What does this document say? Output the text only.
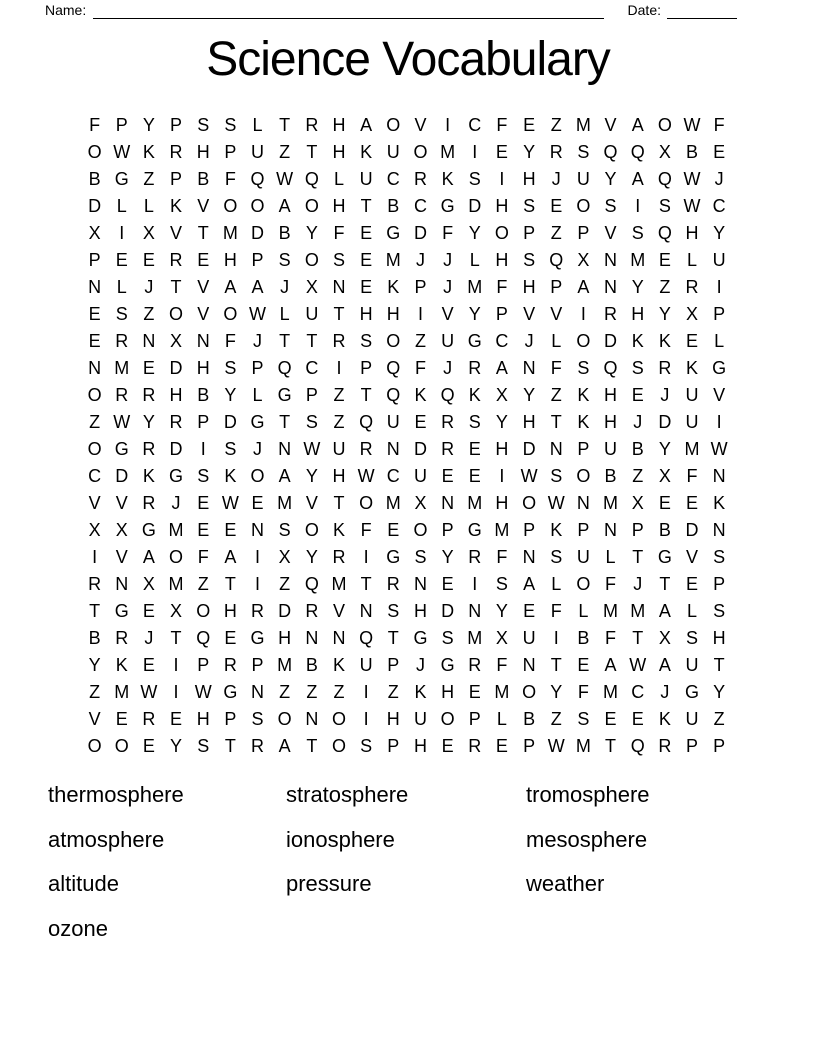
Name:	Date:
Science Vocabulary
F P Y P S S L T R H A O V	I	C F E Z M V A O W F
O W K R H P U Z T H K U O M I	E Y R S Q Q X B E
B G Z P B F Q W Q L U C R K S	I	H J U Y A Q W J
D L L K V O O A O H T B C G D H S E O S	I	S W C
X	I	X V T M D B Y F E G D F Y O P Z P V S Q H Y
P E E R E H P S O S E M J	J L H S Q X N M E L U
N L J T V A A J X N E K P J M F H P A N Y Z R	I
E S Z O V O W L U T H H	I	V Y P V V	I	R H Y X P
E R N X N F J T T R S O Z U G C J L O D K K E L
N M E D H S P Q C	I	P Q F J R A N F S Q S R K G
O R R H B Y L G P Z T Q K Q K X Y Z K H E J U V
Z W Y R P D G T S Z Q U E R S Y H T K H J D U	I
O G R D	I	S J N W U R N D R E H D N P U B Y M W
C D K G S K O A Y H W C U E E	I W S O B Z X F N
V V R J E W E M V T O M X N M H O W N M X E E K
X X G M E E N S O K F E O P G M P K P N P B D N
I	V A O F A	I	X Y R	I G S Y R F N S U L T G V S
R N X M Z T	I	Z Q M T R N E	I	S A L O F J T E P
T G E X O H R D R V N S H D N Y E F L M M A L S
B R J T Q E G H N N Q T G S M X U	I	B F T X S H
Y K E	I	P R P M B K U P J G R F N T E A W A U T
Z M W I W G N Z Z Z	I	Z K H E M O Y F M C J G Y
V E R E H P S O N O I	H U O P L B Z S E E K U Z
O O E Y S T R A T O S P H E R E P W M T Q R P P
thermosphere
atmosphere
altitude
ozone
stratosphere
ionosphere
pressure
tromosphere
mesosphere
weather
